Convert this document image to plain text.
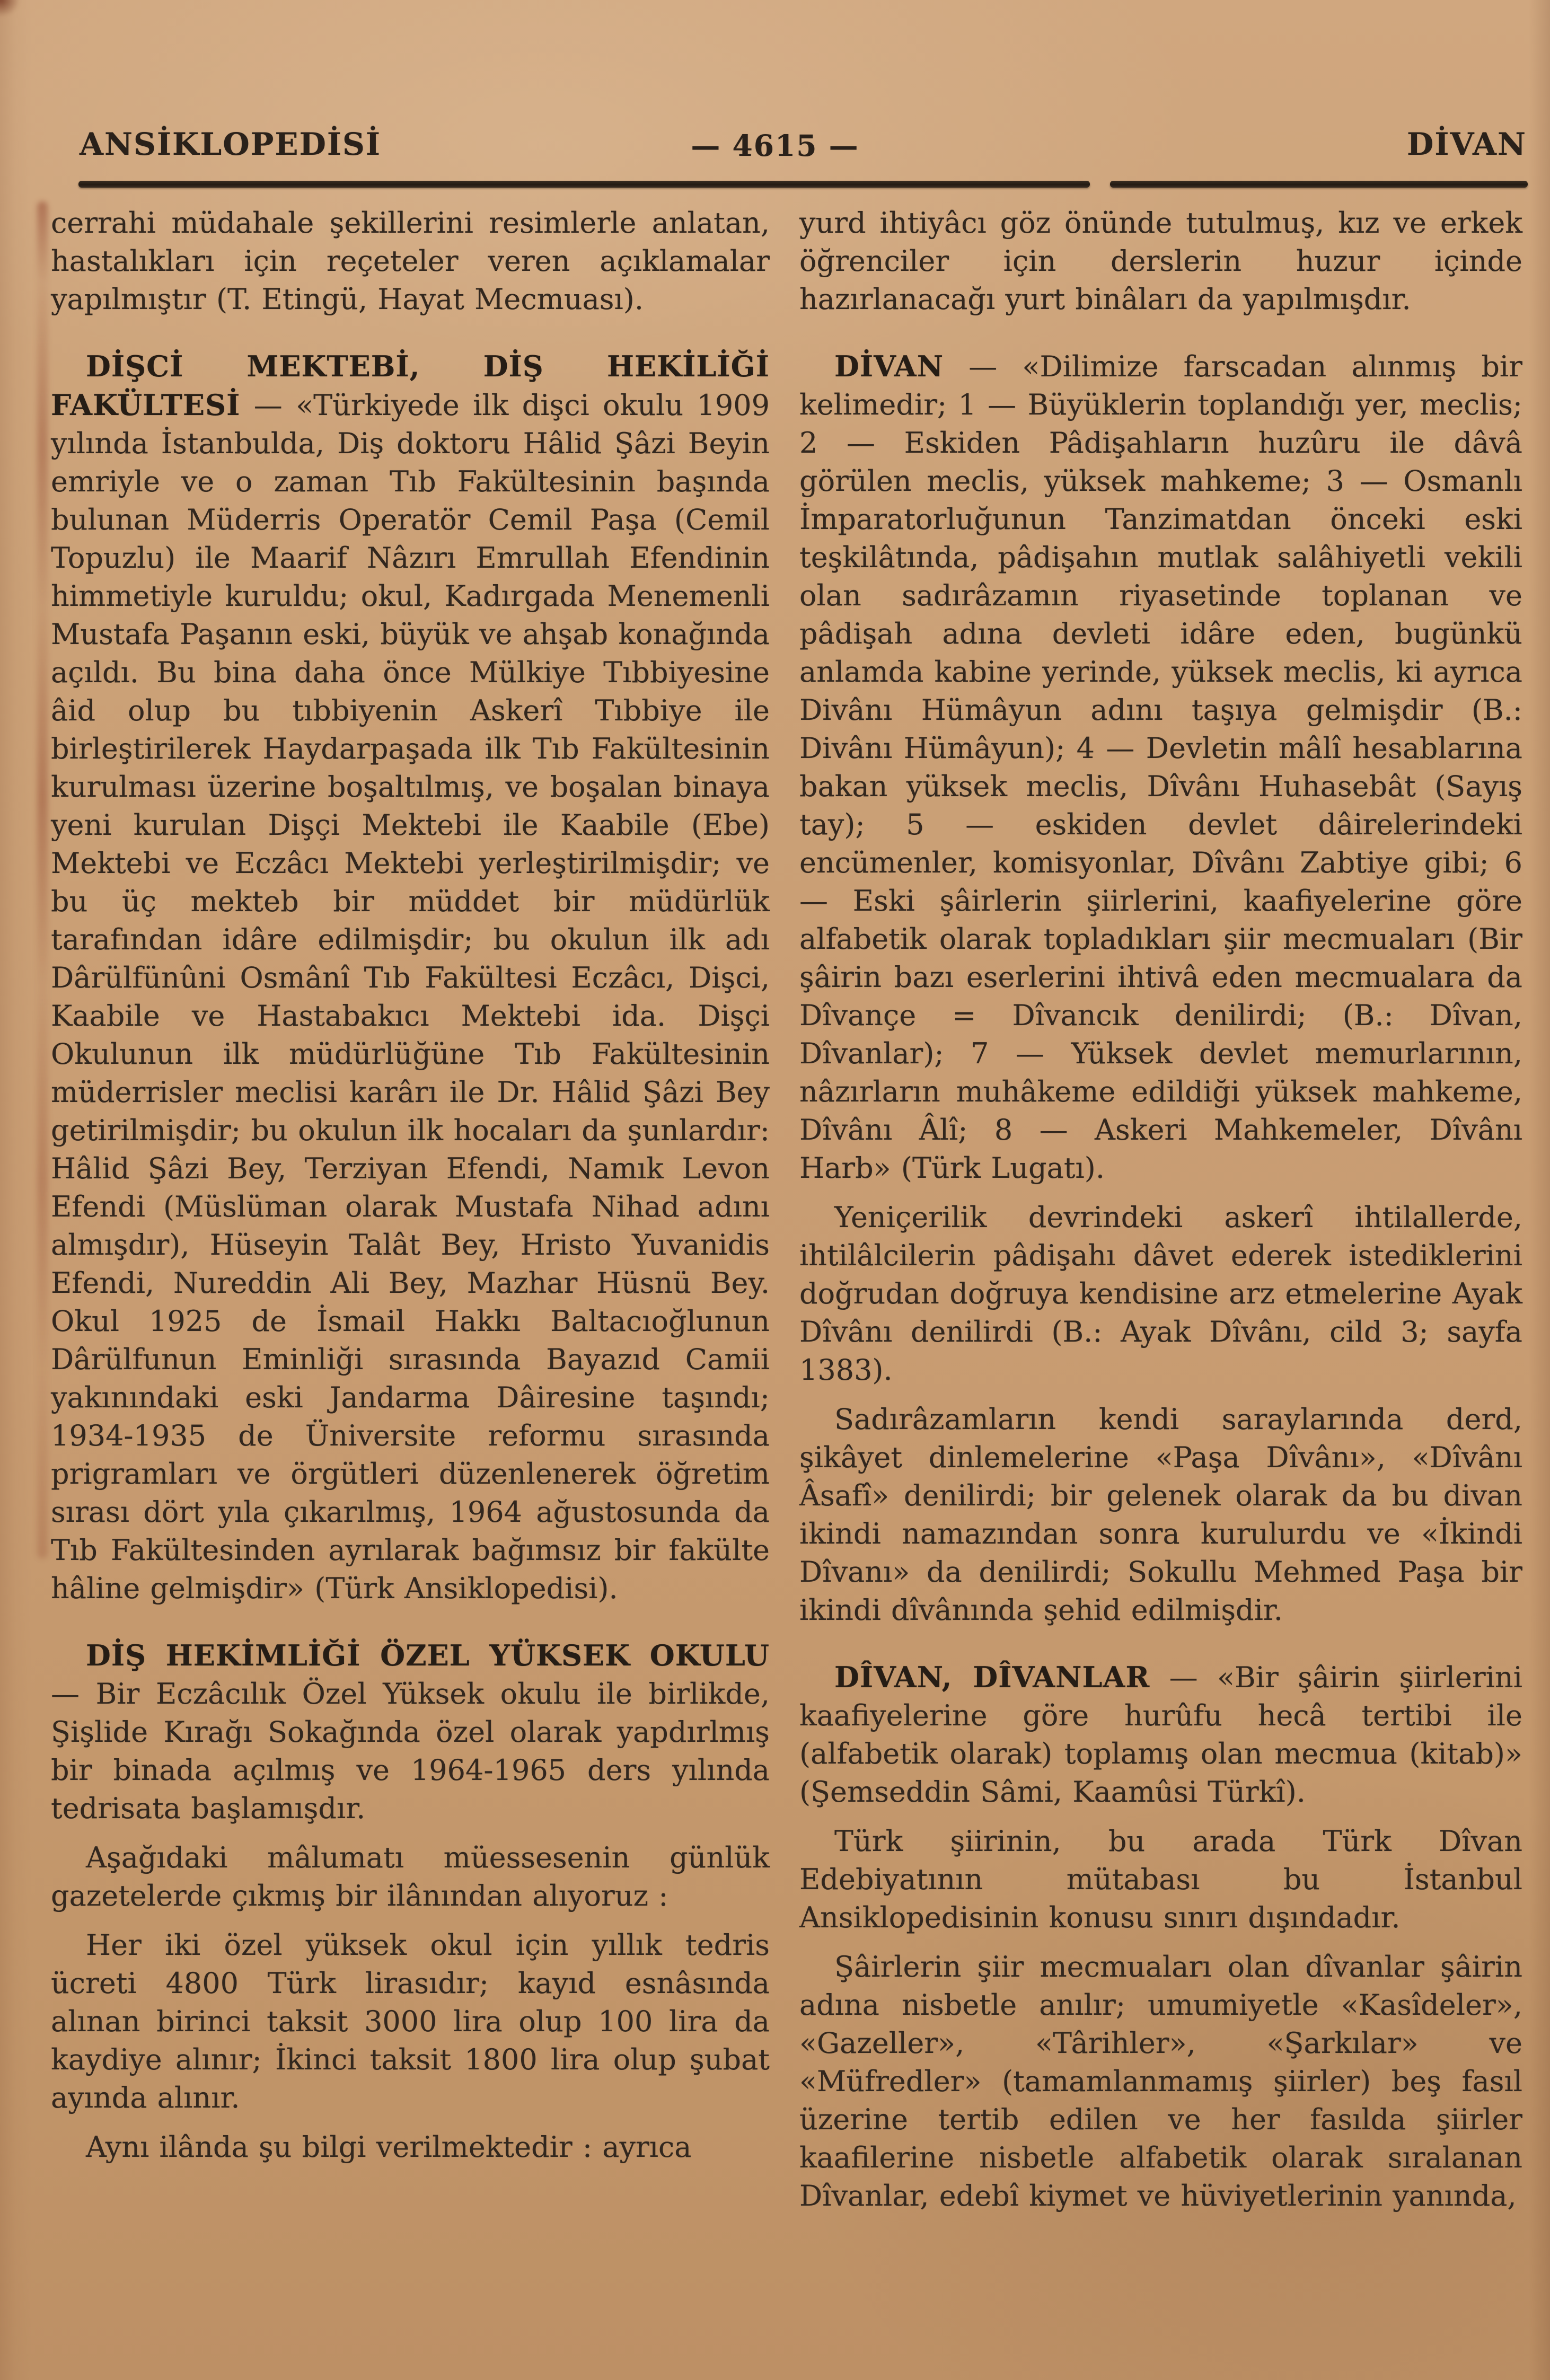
ANSİKLOPEDİSİ	— 4615 —	DİVAN

cerrahi müdahale şekillerini resimlerle anlatan, hastalıkları için reçeteler veren açıklamalar yapılmıştır (T. Etingü, Hayat Mecmuası).

DİŞCİ MEKTEBİ, DİŞ HEKİLİĞİ FAKÜLTESİ — «Türkiyede ilk dişci okulu 1909 yılında İstanbulda, Diş doktoru Hâlid Şâzi Beyin emriyle ve o zaman Tıb Fakültesinin başında bulunan Müderris Operatör Cemil Paşa (Cemil Topuzlu) ile Maarif Nâzırı Emrullah Efendinin himmetiyle kuruldu; okul, Kadırgada Menemenli Mustafa Paşanın eski, büyük ve ahşab konağında açıldı. Bu bina daha önce Mülkiye Tıbbiyesine âid olup bu tıbbiyenin Askerî Tıbbiye ile birleştirilerek Haydarpaşada ilk Tıb Fakültesinin kurulması üzerine boşaltılmış, ve boşalan binaya yeni kurulan Dişçi Mektebi ile Kaabile (Ebe) Mektebi ve Eczâcı Mektebi yerleştirilmişdir; ve bu üç mekteb bir müddet bir müdürlük tarafından idâre edilmişdir; bu okulun ilk adı Dârülfünûni Osmânî Tıb Fakültesi Eczâcı, Dişci, Kaabile ve Hastabakıcı Mektebi ida. Dişçi Okulunun ilk müdürlüğüne Tıb Fakültesinin müderrisler meclisi karârı ile Dr. Hâlid Şâzi Bey getirilmişdir; bu okulun ilk hocaları da şunlardır: Hâlid Şâzi Bey, Terziyan Efendi, Namık Levon Efendi (Müslüman olarak Mustafa Nihad adını almışdır), Hüseyin Talât Bey, Hristo Yuvanidis Efendi, Nureddin Ali Bey, Mazhar Hüsnü Bey. Okul 1925 de İsmail Hakkı Baltacıoğlunun Dârülfunun Eminliği sırasında Bayazıd Camii yakınındaki eski Jandarma Dâiresine taşındı; 1934-1935 de Üniversite reformu sırasında prigramları ve örgütleri düzenlenerek öğretim sırası dört yıla çıkarılmış, 1964 ağustosunda da Tıb Fakültesinden ayrılarak bağımsız bir fakülte hâline gelmişdir» (Türk Ansiklopedisi).

DİŞ HEKİMLİĞİ ÖZEL YÜKSEK OKULU — Bir Eczâcılık Özel Yüksek okulu ile birlikde, Şişlide Kırağı Sokağında özel olarak yapdırlmış bir binada açılmış ve 1964-1965 ders yılında tedrisata başlamışdır.

Aşağıdaki mâlumatı müessesenin günlük gazetelerde çıkmış bir ilânından alıyoruz :

Her iki özel yüksek okul için yıllık tedris ücreti 4800 Türk lirasıdır; kayıd esnâsında alınan birinci taksit 3000 lira olup 100 lira da kaydiye alınır; İkinci taksit 1800 lira olup şubat ayında alınır.

Aynı ilânda şu bilgi verilmektedir : ayrıca

yurd ihtiyâcı göz önünde tutulmuş, kız ve erkek öğrenciler için derslerin huzur içinde hazırlanacağı yurt binâları da yapılmışdır.

DİVAN — «Dilimize farscadan alınmış bir kelimedir; 1 — Büyüklerin toplandığı yer, meclis; 2 — Eskiden Pâdişahların huzûru ile dâvâ görülen meclis, yüksek mahkeme; 3 — Osmanlı İmparatorluğunun Tanzimatdan önceki eski teşkilâtında, pâdişahın mutlak salâhiyetli vekili olan sadırâzamın riyasetinde toplanan ve pâdişah adına devleti idâre eden, bugünkü anlamda kabine yerinde, yüksek meclis, ki ayrıca Divânı Hümâyun adını taşıya gelmişdir (B.: Divânı Hümâyun); 4 — Devletin mâlî hesablarına bakan yüksek meclis, Dîvânı Huhasebât (Sayış tay); 5 — eskiden devlet dâirelerindeki encümenler, komisyonlar, Dîvânı Zabtiye gibi; 6 — Eski şâirlerin şiirlerini, kaafiyelerine göre alfabetik olarak topladıkları şiir mecmuaları (Bir şâirin bazı eserlerini ihtivâ eden mecmualara da Dîvançe = Dîvancık denilirdi; (B.: Dîvan, Dîvanlar); 7 — Yüksek devlet memurlarının, nâzırların muhâkeme edildiği yüksek mahkeme, Dîvânı Âlî; 8 — Askeri Mahkemeler, Dîvânı Harb» (Türk Lugatı).

Yeniçerilik devrindeki askerî ihtilallerde, ihtilâlcilerin pâdişahı dâvet ederek istediklerini doğrudan doğruya kendisine arz etmelerine Ayak Dîvânı denilirdi (B.: Ayak Dîvânı, cild 3; sayfa 1383).

Sadırâzamların kendi saraylarında derd, şikâyet dinlemelerine «Paşa Dîvânı», «Dîvânı Âsafî» denilirdi; bir gelenek olarak da bu divan ikindi namazından sonra kurulurdu ve «İkindi Dîvanı» da denilirdi; Sokullu Mehmed Paşa bir ikindi dîvânında şehid edilmişdir.

DÎVAN, DÎVANLAR — «Bir şâirin şiirlerini kaafiyelerine göre hurûfu hecâ tertibi ile (alfabetik olarak) toplamış olan mecmua (kitab)» (Şemseddin Sâmi, Kaamûsi Türkî).

Türk şiirinin, bu arada Türk Dîvan Edebiyatının mütabası bu İstanbul Ansiklopedisinin konusu sınırı dışındadır.

Şâirlerin şiir mecmuaları olan dîvanlar şâirin adına nisbetle anılır; umumiyetle «Kasîdeler», «Gazeller», «Târihler», «Şarkılar» ve «Müfredler» (tamamlanmamış şiirler) beş fasıl üzerine tertib edilen ve her fasılda şiirler kaafilerine nisbetle alfabetik olarak sıralanan Dîvanlar, edebî kiymet ve hüviyetlerinin yanında,
